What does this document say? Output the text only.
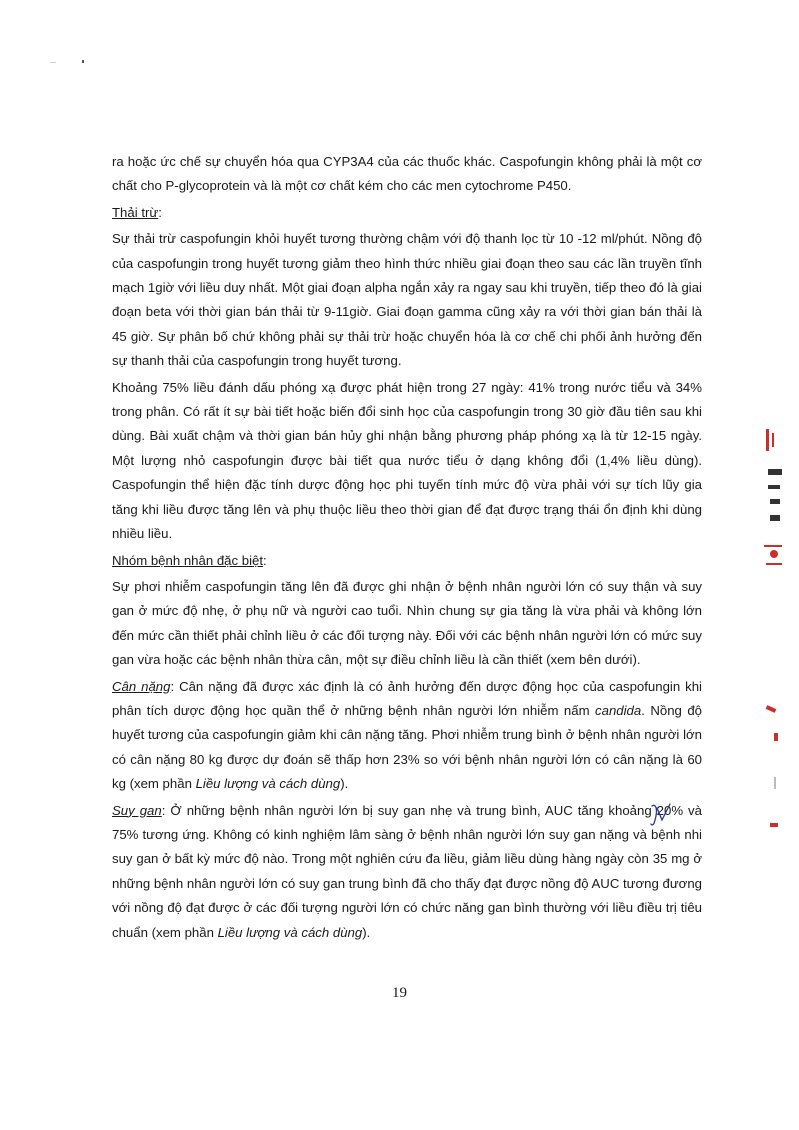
ra hoặc ức chế sự chuyển hóa qua CYP3A4 của các thuốc khác. Caspofungin không phải là một cơ chất cho P-glycoprotein và là một cơ chất kém cho các men cytochrome P450.

Thải trừ:

Sự thải trừ caspofungin khỏi huyết tương thường chậm với độ thanh lọc từ 10 -12 ml/phút. Nồng độ của caspofungin trong huyết tương giảm theo hình thức nhiều giai đoạn theo sau các lần truyền tĩnh mạch 1giờ với liều duy nhất. Một giai đoạn alpha ngắn xảy ra ngay sau khi truyền, tiếp theo đó là giai đoạn beta với thời gian bán thải từ 9-11giờ. Giai đoạn gamma cũng xảy ra với thời gian bán thải là 45 giờ. Sự phân bố chứ không phải sự thải trừ hoặc chuyển hóa là cơ chế chi phối ảnh hưởng đến sự thanh thải của caspofungin trong huyết tương.

Khoảng 75% liều đánh dấu phóng xạ được phát hiện trong 27 ngày: 41% trong nước tiểu và 34% trong phân. Có rất ít sự bài tiết hoặc biến đổi sinh học của caspofungin trong 30 giờ đầu tiên sau khi dùng. Bài xuất chậm và thời gian bán hủy ghi nhận bằng phương pháp phóng xạ là từ 12-15 ngày. Một lượng nhỏ caspofungin được bài tiết qua nước tiểu ở dạng không đổi (1,4% liều dùng). Caspofungin thể hiện đặc tính dược động học phi tuyến tính mức độ vừa phải với sự tích lũy gia tăng khi liều được tăng lên và phụ thuộc liều theo thời gian để đạt được trạng thái ổn định khi dùng nhiều liều.

Nhóm bệnh nhân đặc biệt:

Sự phơi nhiễm caspofungin tăng lên đã được ghi nhận ở bệnh nhân người lớn có suy thận và suy gan ở mức độ nhẹ, ở phụ nữ và người cao tuổi. Nhìn chung sự gia tăng là vừa phải và không lớn đến mức cần thiết phải chỉnh liều ở các đối tượng này. Đối với các bệnh nhân người lớn có mức suy gan vừa hoặc các bệnh nhân thừa cân, một sự điều chỉnh liều là cần thiết (xem bên dưới).

Cân nặng: Cân nặng đã được xác định là có ảnh hưởng đến dược động học của caspofungin khi phân tích dược động học quần thể ở những bệnh nhân người lớn nhiễm nấm candida. Nồng độ huyết tương của caspofungin giảm khi cân nặng tăng. Phơi nhiễm trung bình ở bệnh nhân người lớn có cân nặng 80 kg được dự đoán sẽ thấp hơn 23% so với bệnh nhân người lớn có cân nặng là 60 kg (xem phần Liều lượng và cách dùng).

Suy gan: Ở những bệnh nhân người lớn bị suy gan nhẹ và trung bình, AUC tăng khoảng 20% và 75% tương ứng. Không có kinh nghiệm lâm sàng ở bệnh nhân người lớn suy gan nặng và bệnh nhi suy gan ở bất kỳ mức độ nào. Trong một nghiên cứu đa liều, giảm liều dùng hàng ngày còn 35 mg ở những bệnh nhân người lớn có suy gan trung bình đã cho thấy đạt được nồng độ AUC tương đương với nồng độ đạt được ở các đối tượng người lớn có chức năng gan bình thường với liều điều trị tiêu chuẩn (xem phần Liều lượng và cách dùng).

19
